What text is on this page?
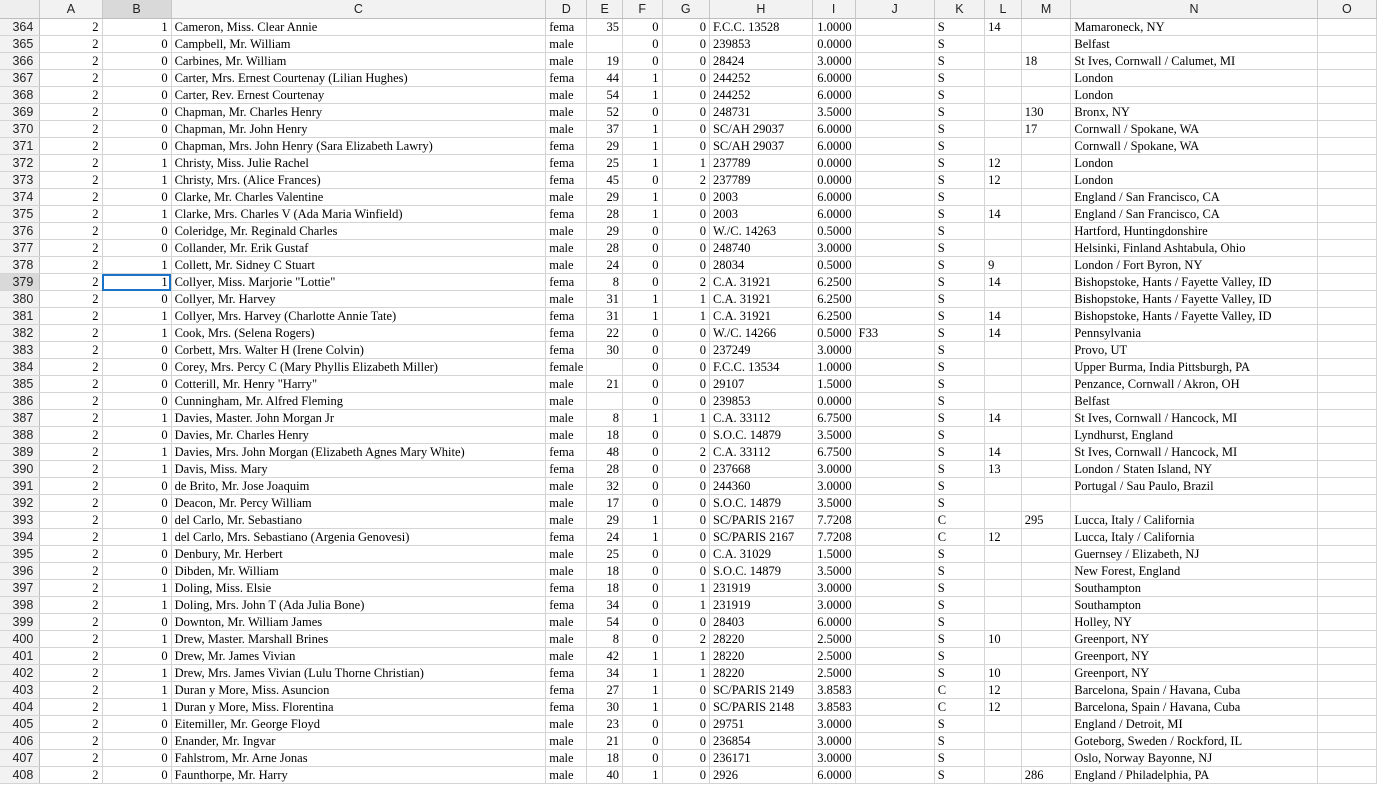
	A	B	C	D	E	F	G	H	I	J	K	L	M	N	O
364	2	1	Cameron, Miss. Clear Annie	fema	35	0	0	F.C.C. 13528	1.0000		S	14		Mamaroneck, NY	
365	2	0	Campbell, Mr. William	male		0	0	239853	0.0000		S			Belfast	
366	2	0	Carbines, Mr. William	male	19	0	0	28424	3.0000		S		18	St Ives, Cornwall / Calumet, MI	
367	2	0	Carter, Mrs. Ernest Courtenay (Lilian Hughes)	fema	44	1	0	244252	6.0000		S			London	
368	2	0	Carter, Rev. Ernest Courtenay	male	54	1	0	244252	6.0000		S			London	
369	2	0	Chapman, Mr. Charles Henry	male	52	0	0	248731	3.5000		S		130	Bronx, NY	
370	2	0	Chapman, Mr. John Henry	male	37	1	0	SC/AH 29037	6.0000		S		17	Cornwall / Spokane, WA	
371	2	0	Chapman, Mrs. John Henry (Sara Elizabeth Lawry)	fema	29	1	0	SC/AH 29037	6.0000		S			Cornwall / Spokane, WA	
372	2	1	Christy, Miss. Julie Rachel	fema	25	1	1	237789	0.0000		S	12		London	
373	2	1	Christy, Mrs. (Alice Frances)	fema	45	0	2	237789	0.0000		S	12		London	
374	2	0	Clarke, Mr. Charles Valentine	male	29	1	0	2003	6.0000		S			England / San Francisco, CA	
375	2	1	Clarke, Mrs. Charles V (Ada Maria Winfield)	fema	28	1	0	2003	6.0000		S	14		England / San Francisco, CA	
376	2	0	Coleridge, Mr. Reginald Charles	male	29	0	0	W./C. 14263	0.5000		S			Hartford, Huntingdonshire	
377	2	0	Collander, Mr. Erik Gustaf	male	28	0	0	248740	3.0000		S			Helsinki, Finland Ashtabula, Ohio	
378	2	1	Collett, Mr. Sidney C Stuart	male	24	0	0	28034	0.5000		S	9		London / Fort Byron, NY	
379	2	1	Collyer, Miss. Marjorie "Lottie"	fema	8	0	2	C.A. 31921	6.2500		S	14		Bishopstoke, Hants / Fayette Valley, ID	
380	2	0	Collyer, Mr. Harvey	male	31	1	1	C.A. 31921	6.2500		S			Bishopstoke, Hants / Fayette Valley, ID	
381	2	1	Collyer, Mrs. Harvey (Charlotte Annie Tate)	fema	31	1	1	C.A. 31921	6.2500		S	14		Bishopstoke, Hants / Fayette Valley, ID	
382	2	1	Cook, Mrs. (Selena Rogers)	fema	22	0	0	W./C. 14266	0.5000	F33	S	14		Pennsylvania	
383	2	0	Corbett, Mrs. Walter H (Irene Colvin)	fema	30	0	0	237249	3.0000		S			Provo, UT	
384	2	0	Corey, Mrs. Percy C (Mary Phyllis Elizabeth Miller)	female		0	0	F.C.C. 13534	1.0000		S			Upper Burma, India Pittsburgh, PA	
385	2	0	Cotterill, Mr. Henry "Harry"	male	21	0	0	29107	1.5000		S			Penzance, Cornwall / Akron, OH	
386	2	0	Cunningham, Mr. Alfred Fleming	male		0	0	239853	0.0000		S			Belfast	
387	2	1	Davies, Master. John Morgan Jr	male	8	1	1	C.A. 33112	6.7500		S	14		St Ives, Cornwall / Hancock, MI	
388	2	0	Davies, Mr. Charles Henry	male	18	0	0	S.O.C. 14879	3.5000		S			Lyndhurst, England	
389	2	1	Davies, Mrs. John Morgan (Elizabeth Agnes Mary White)	fema	48	0	2	C.A. 33112	6.7500		S	14		St Ives, Cornwall / Hancock, MI	
390	2	1	Davis, Miss. Mary	fema	28	0	0	237668	3.0000		S	13		London / Staten Island, NY	
391	2	0	de Brito, Mr. Jose Joaquim	male	32	0	0	244360	3.0000		S			Portugal / Sau Paulo, Brazil	
392	2	0	Deacon, Mr. Percy William	male	17	0	0	S.O.C. 14879	3.5000		S				
393	2	0	del Carlo, Mr. Sebastiano	male	29	1	0	SC/PARIS 2167	7.7208		C		295	Lucca, Italy / California	
394	2	1	del Carlo, Mrs. Sebastiano (Argenia Genovesi)	fema	24	1	0	SC/PARIS 2167	7.7208		C	12		Lucca, Italy / California	
395	2	0	Denbury, Mr. Herbert	male	25	0	0	C.A. 31029	1.5000		S			Guernsey / Elizabeth, NJ	
396	2	0	Dibden, Mr. William	male	18	0	0	S.O.C. 14879	3.5000		S			New Forest, England	
397	2	1	Doling, Miss. Elsie	fema	18	0	1	231919	3.0000		S			Southampton	
398	2	1	Doling, Mrs. John T (Ada Julia Bone)	fema	34	0	1	231919	3.0000		S			Southampton	
399	2	0	Downton, Mr. William James	male	54	0	0	28403	6.0000		S			Holley, NY	
400	2	1	Drew, Master. Marshall Brines	male	8	0	2	28220	2.5000		S	10		Greenport, NY	
401	2	0	Drew, Mr. James Vivian	male	42	1	1	28220	2.5000		S			Greenport, NY	
402	2	1	Drew, Mrs. James Vivian (Lulu Thorne Christian)	fema	34	1	1	28220	2.5000		S	10		Greenport, NY	
403	2	1	Duran y More, Miss. Asuncion	fema	27	1	0	SC/PARIS 2149	3.8583		C	12		Barcelona, Spain / Havana, Cuba	
404	2	1	Duran y More, Miss. Florentina	fema	30	1	0	SC/PARIS 2148	3.8583		C	12		Barcelona, Spain / Havana, Cuba	
405	2	0	Eitemiller, Mr. George Floyd	male	23	0	0	29751	3.0000		S			England / Detroit, MI	
406	2	0	Enander, Mr. Ingvar	male	21	0	0	236854	3.0000		S			Goteborg, Sweden / Rockford, IL	
407	2	0	Fahlstrom, Mr. Arne Jonas	male	18	0	0	236171	3.0000		S			Oslo, Norway Bayonne, NJ	
408	2	0	Faunthorpe, Mr. Harry	male	40	1	0	2926	6.0000		S		286	England / Philadelphia, PA	
